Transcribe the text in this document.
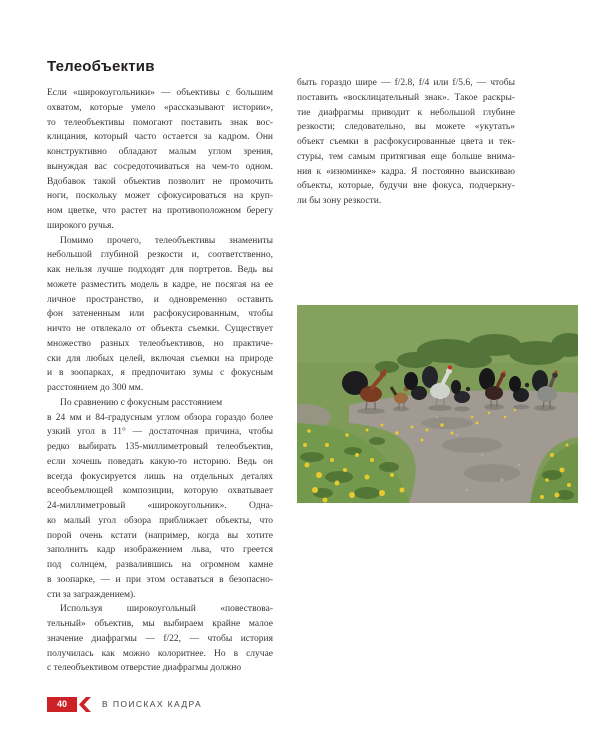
Телеобъектив
Если «широкоугольники» — объективы с большим
охватом, которые умело «рассказывают истории»,
то телеобъективы помогают поставить знак вос-
клицания, который часто остается за кадром. Они
конструктивно обладают малым углом зрения,
вынуждая вас сосредоточиваться на чем-то одном.
Вдобавок такой объектив позволит не промочить
ноги, поскольку может сфокусироваться на круп-
ном цветке, что растет на противоположном берегу
широкого ручья.
Помимо прочего, телеобъективы знамениты
небольшой глубиной резкости и, соответственно,
как нельзя лучше подходят для портретов. Ведь вы
можете разместить модель в кадре, не посягая на ее
личное пространство, и одновременно оставить
фон затененным или расфокусированным, чтобы
ничто не отвлекало от объекта съемки. Существует
множество разных телеобъективов, но практиче-
ски для любых целей, включая съемки на природе
и в зоопарках, я предпочитаю зумы с фокусным
расстоянием до 300 мм.
По сравнению с фокусным расстоянием
в 24 мм и 84-градусным углом обзора гораздо более
узкий угол в 11° — достаточная причина, чтобы
редко выбирать 135-миллиметровый телеобъектив,
если хочешь поведать какую-то историю. Ведь он
всегда фокусируется лишь на отдельных деталях
всеобъемлющей композиции, которую охватывает
24-миллиметровый «широкоугольник». Одна-
ко малый угол обзора приближает объекты, что
порой очень кстати (например, когда вы хотите
заполнить кадр изображением льва, что греется
под солнцем, развалившись на огромном камне
в зоопарке, — и при этом оставаться в безопасно-
сти за заграждением).
Используя широкоугольный «повествова-
тельный» объектив, мы выбираем крайне малое
значение диафрагмы — f/22, — чтобы история
получилась как можно колоритнее. Но в случае
с телеобъективом отверстие диафрагмы должно
быть гораздо шире — f/2.8, f/4 или f/5.6, — чтобы
поставить «восклицательный знак». Такое раскры-
тие диафрагмы приводит к небольшой глубине
резкости; следовательно, вы можете «укутать»
объект съемки в расфокусированные цвета и тек-
стуры, тем самым притягивая еще больше внима-
ния к «изюминке» кадра. Я постоянно выискиваю
объекты, которые, будучи вне фокуса, подчеркну-
ли бы зону резкости.
40	В ПОИСКАХ КАДРА
